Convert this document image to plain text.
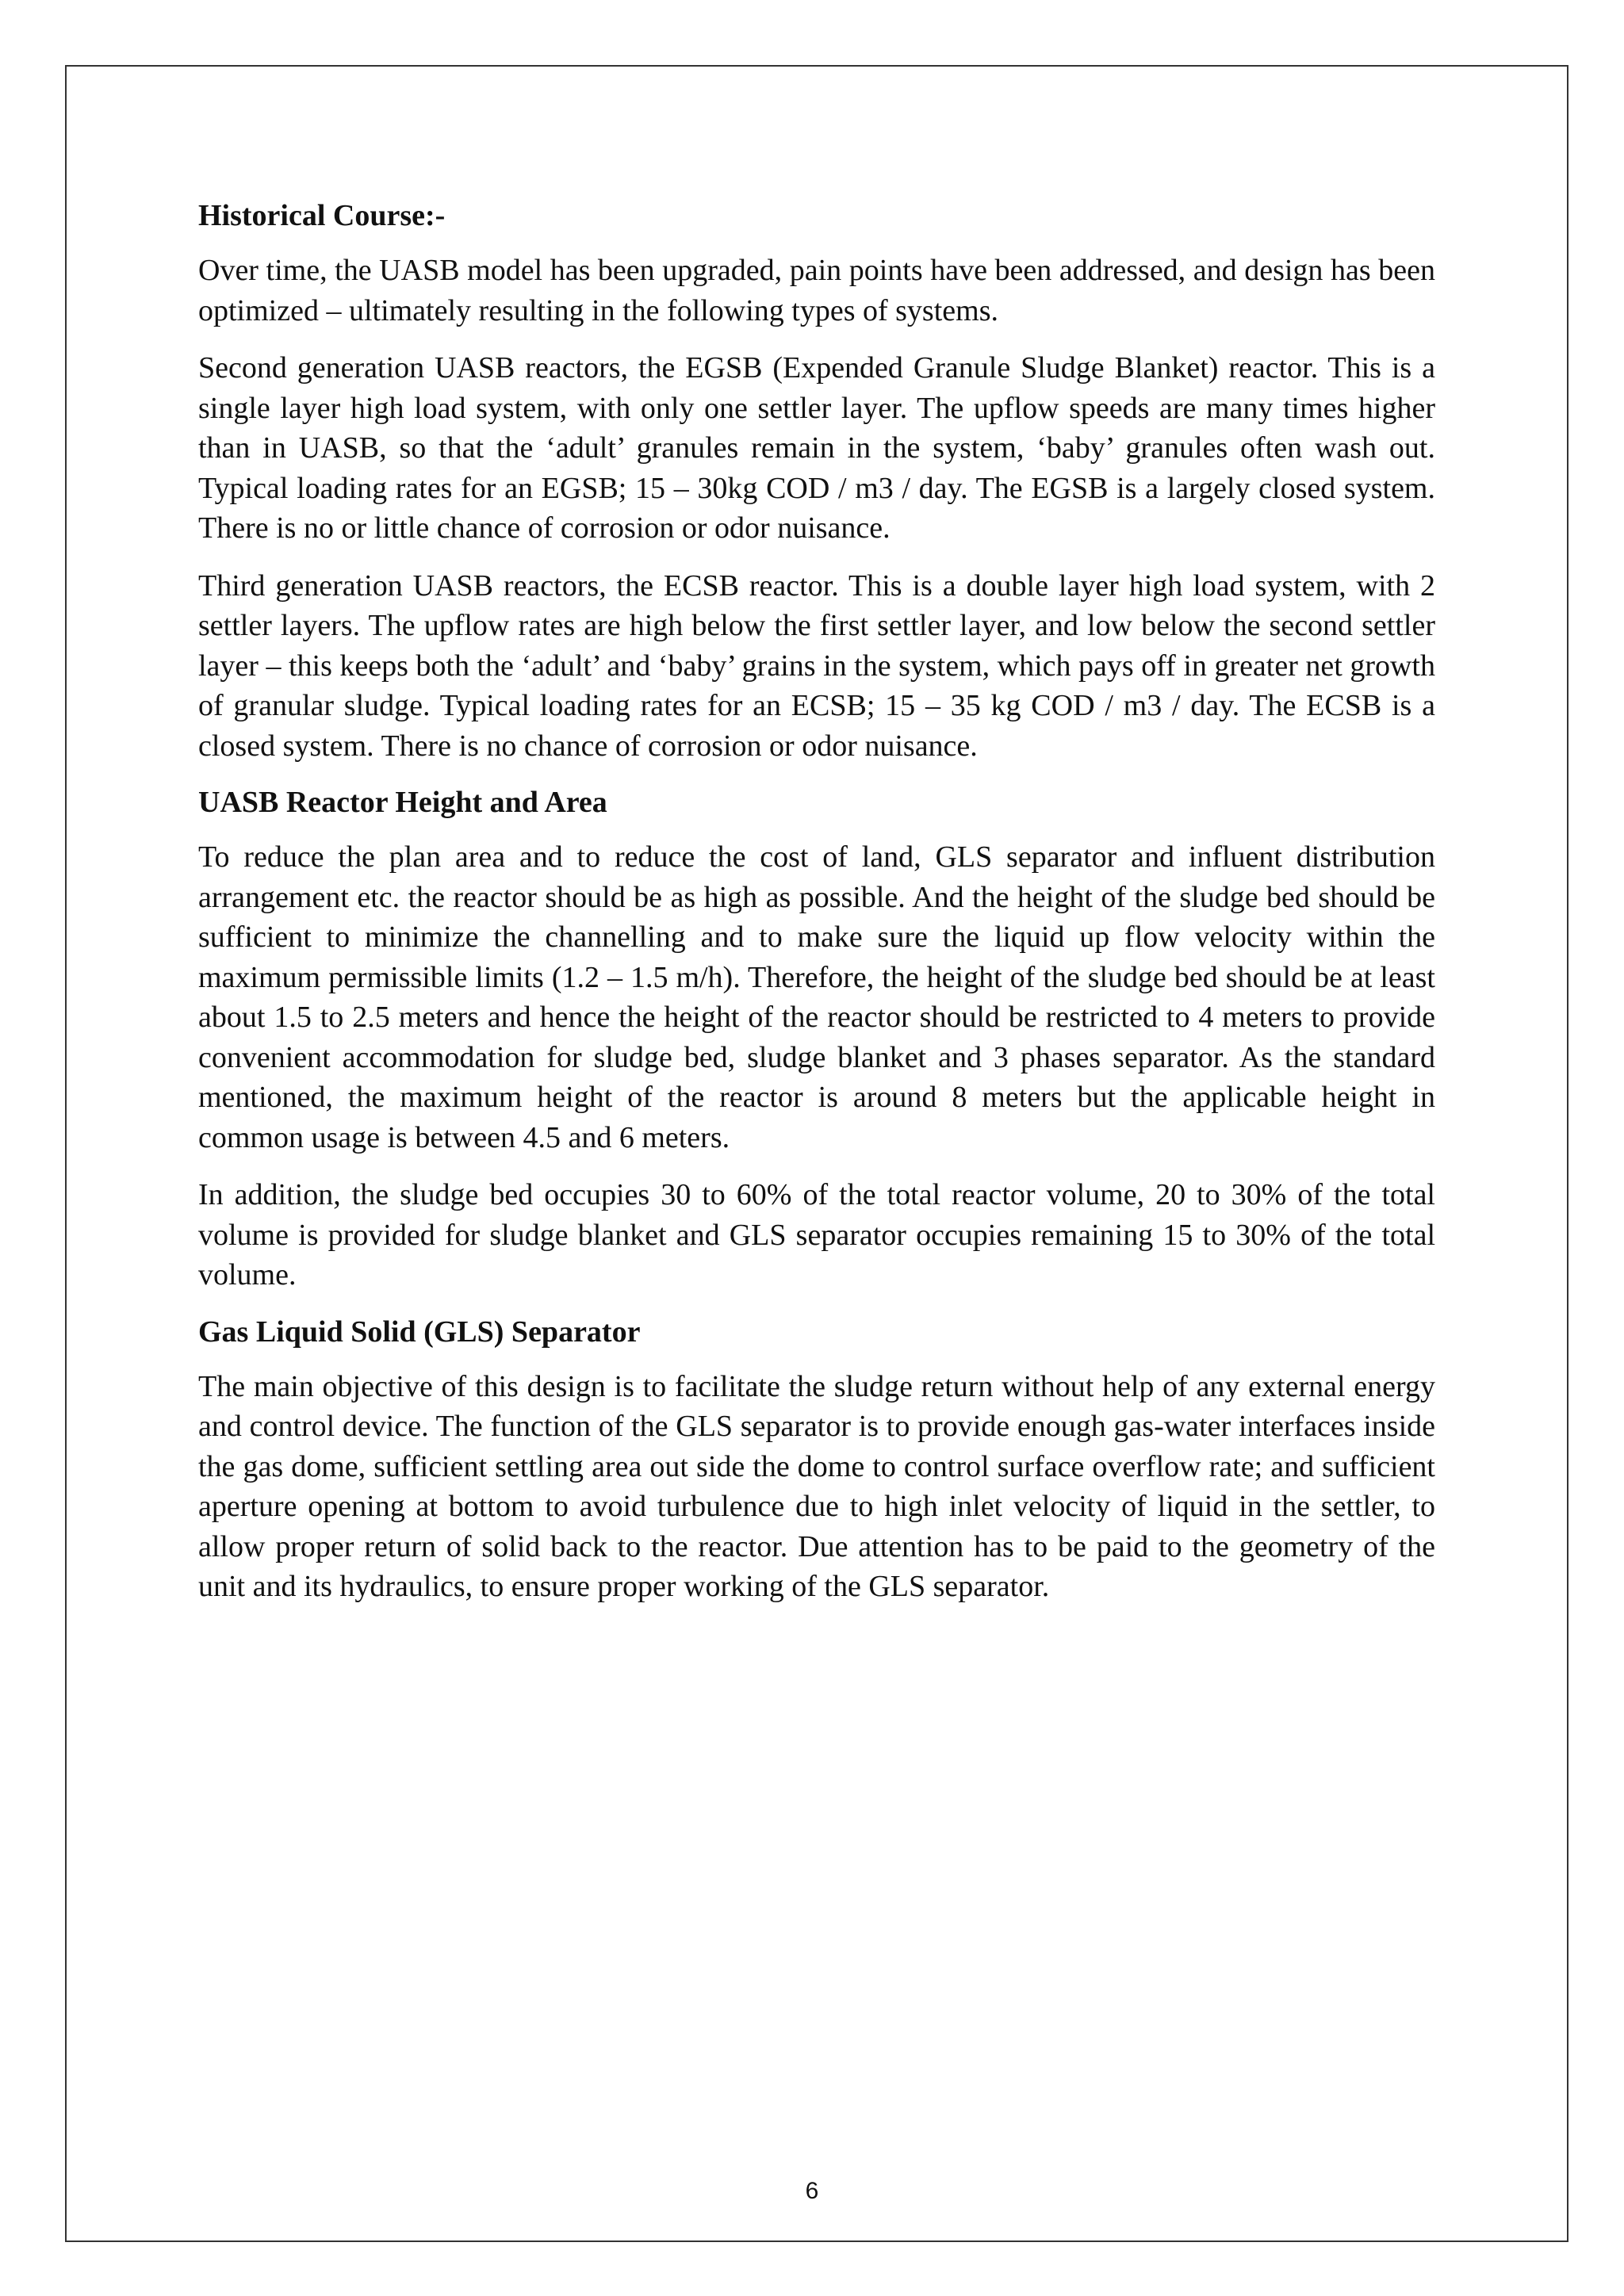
Historical Course:-

Over time, the UASB model has been upgraded, pain points have been addressed, and design has been optimized – ultimately resulting in the following types of systems.

Second generation UASB reactors, the EGSB (Expended Granule Sludge Blanket) reactor. This is a single layer high load system, with only one settler layer. The upflow speeds are many times higher than in UASB, so that the ‘adult’ granules remain in the system, ‘baby’ granules often wash out. Typical loading rates for an EGSB; 15 – 30kg COD / m3 / day. The EGSB is a largely closed system. There is no or little chance of corrosion or odor nuisance.

Third generation UASB reactors, the ECSB reactor. This is a double layer high load system, with 2 settler layers. The upflow rates are high below the first settler layer, and low below the second settler layer – this keeps both the ‘adult’ and ‘baby’ grains in the system, which pays off in greater net growth of granular sludge. Typical loading rates for an ECSB; 15 – 35 kg COD / m3 / day. The ECSB is a closed system. There is no chance of corrosion or odor nuisance.

UASB Reactor Height and Area

To reduce the plan area and to reduce the cost of land, GLS separator and influent distribution arrangement etc. the reactor should be as high as possible. And the height of the sludge bed should be sufficient to minimize the channelling and to make sure the liquid up flow velocity within the maximum permissible limits (1.2 – 1.5 m/h). Therefore, the height of the sludge bed should be at least about 1.5 to 2.5 meters and hence the height of the reactor should be restricted to 4 meters to provide convenient accommodation for sludge bed, sludge blanket and 3 phases separator. As the standard mentioned, the maximum height of the reactor is around 8 meters but the applicable height in common usage is between 4.5 and 6 meters.

In addition, the sludge bed occupies 30 to 60% of the total reactor volume, 20 to 30% of the total volume is provided for sludge blanket and GLS separator occupies remaining 15 to 30% of the total volume.

Gas Liquid Solid (GLS) Separator

The main objective of this design is to facilitate the sludge return without help of any external energy and control device. The function of the GLS separator is to provide enough gas-water interfaces inside the gas dome, sufficient settling area out side the dome to control surface overflow rate; and sufficient aperture opening at bottom to avoid turbulence due to high inlet velocity of liquid in the settler, to allow proper return of solid back to the reactor. Due attention has to be paid to the geometry of the unit and its hydraulics, to ensure proper working of the GLS separator.

6
